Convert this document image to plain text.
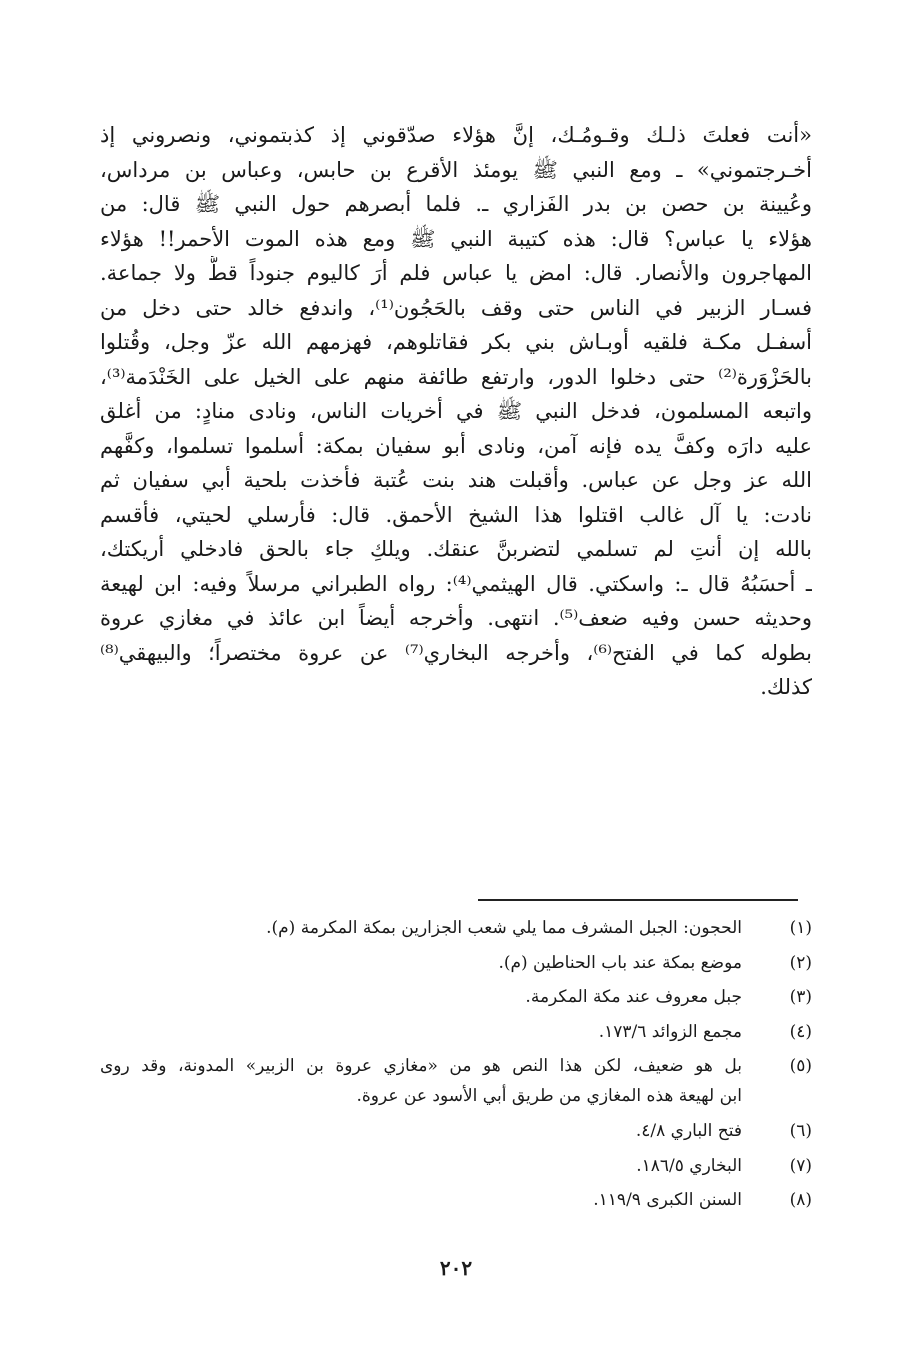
«أنت فعلتَ ذلـك وقـومُـك، إنَّ هؤلاء صدّقوني إذ كذبتموني، ونصروني إذ
أخـرجتموني» ـ ومع النبي ﷺ يومئذ الأقرع بن حابس، وعباس بن مرداس،
وعُيينة بن حصن بن بدر الفَزاري ـ. فلما أبصرهم حول النبي ﷺ قال: من
هؤلاء يا عباس؟ قال: هذه كتيبة النبي ﷺ ومع هذه الموت الأحمر!! هؤلاء
المهاجرون والأنصار. قال: امض يا عباس فلم أرَ كاليوم جنوداً قطُّ ولا جماعة.
فسـار الزبير في الناس حتى وقف بالحَجُون⁽¹⁾، واندفع خالد حتى دخل من
أسفـل مكـة فلقيه أوبـاش بني بكر فقاتلوهم، فهزمهم الله عزّ وجل، وقُتلوا
بالحَزْوَرة⁽²⁾ حتى دخلوا الدور، وارتفع طائفة منهم على الخيل على الخَنْدَمة⁽³⁾،
واتبعه المسلمون، فدخل النبي ﷺ في أخريات الناس، ونادى منادٍ: من أغلق
عليه دارَه وكفَّ يده فإنه آمن، ونادى أبو سفيان بمكة: أسلموا تسلموا، وكفَّهم
الله عز وجل عن عباس. وأقبلت هند بنت عُتبة فأخذت بلحية أبي سفيان ثم
نادت: يا آل غالب اقتلوا هذا الشيخ الأحمق. قال: فأرسلي لحيتي، فأقسم
بالله إن أنتِ لم تسلمي لتضربنَّ عنقك. ويلكِ جاء بالحق فادخلي أريكتك،
ـ أحسَبُهُ قال ـ: واسكتي. قال الهيثمي⁽⁴⁾: رواه الطبراني مرسلاً وفيه: ابن لهيعة
وحديثه حسن وفيه ضعف⁽⁵⁾. انتهى. وأخرجه أيضاً ابن عائذ في مغازي عروة
بطوله كما في الفتح⁽⁶⁾، وأخرجه البخاري⁽⁷⁾ عن عروة مختصراً؛ والبيهقي⁽⁸⁾
كذلك.
(١)
الحجون: الجبل المشرف مما يلي شعب الجزارين بمكة المكرمة (م).
(٢)
موضع بمكة عند باب الحناطين (م).
(٣)
جبل معروف عند مكة المكرمة.
(٤)
مجمع الزوائد ١٧٣/٦.
(٥)
بل هو ضعيف، لكن هذا النص هو من «مغازي عروة بن الزبير» المدونة، وقد روى
ابن لهيعة هذه المغازي من طريق أبي الأسود عن عروة.
(٦)
فتح الباري ٤/٨.
(٧)
البخاري ١٨٦/٥.
(٨)
السنن الكبرى ١١٩/٩.
٢٠٢
